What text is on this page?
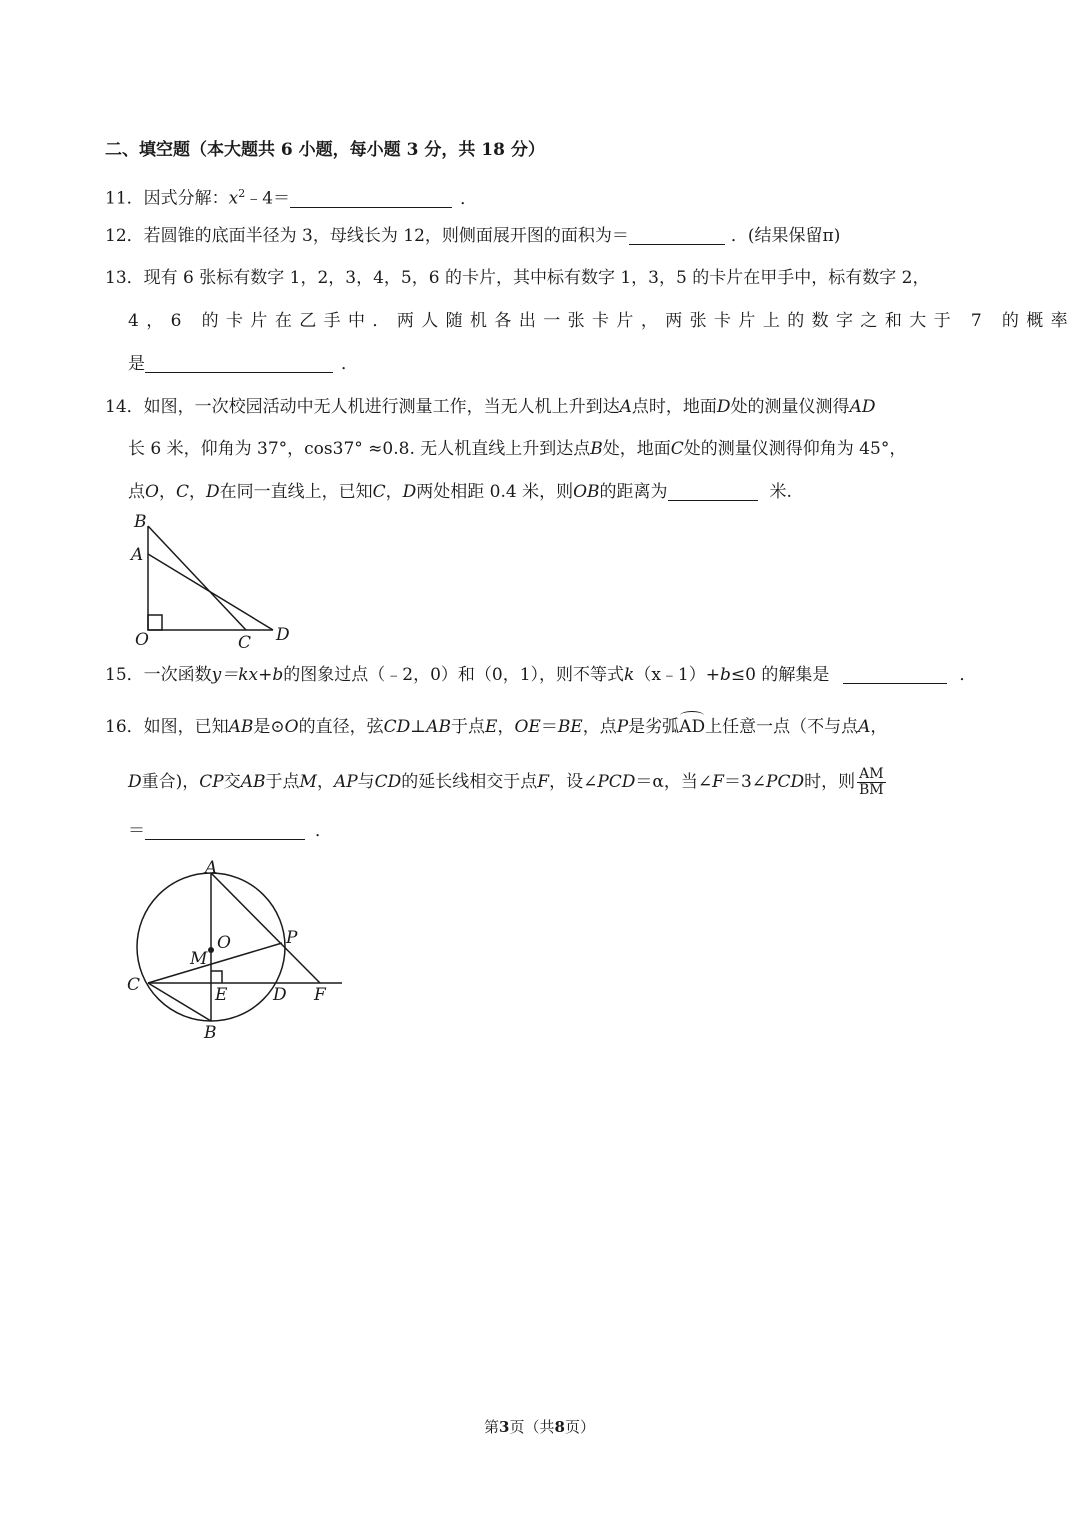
二、填空题（本大题共 6 小题，每小题 3 分，共 18 分）
11．因式分解：$x^2﹣4=$	．
12．若圆锥的底面半径为 3，母线长为 12，则侧面展开图的面积为＝	．(结果保留π)
13．现有 6 张标有数字 1，2，3，4，5，6 的卡片，其中标有数字 1，3，5 的卡片在甲手中，标有数字 2，
4，6 的卡片在乙手中．两人随机各出一张卡片，两张卡片上的数字之和大于 7 的概率
是	．
14．如图，一次校园活动中无人机进行测量工作，当无人机上升到达A点时，地面D处的测量仪测得AD
长 6 米，仰角为 37°，cos37° ≈0.8. 无人机直线上升到达点B处，地面C处的测量仪测得仰角为 45°，
点O，C，D在同一直线上，已知C，D两处相距 0.4 米，则OB的距离为	米.
B
A
O	C D
15．一次函数y＝kx+b的图象过点（﹣2，0）和（0，1），则不等式k（x﹣1）+b≤0 的解集是	．
16．如图，已知AB是⊙O的直径，弦CD⊥AB于点E，OE＝BE，点P是劣弧AD上任意一点（不与点A，
D重合)，CP交AB于点M，AP与CD的延长线相交于点F，设∠PCD＝α，当∠F＝3∠PCD时，则 $\frac{AM}{BM}$
＝	．
A
O	P
M
C	E	D F
B
第3页（共8页）
